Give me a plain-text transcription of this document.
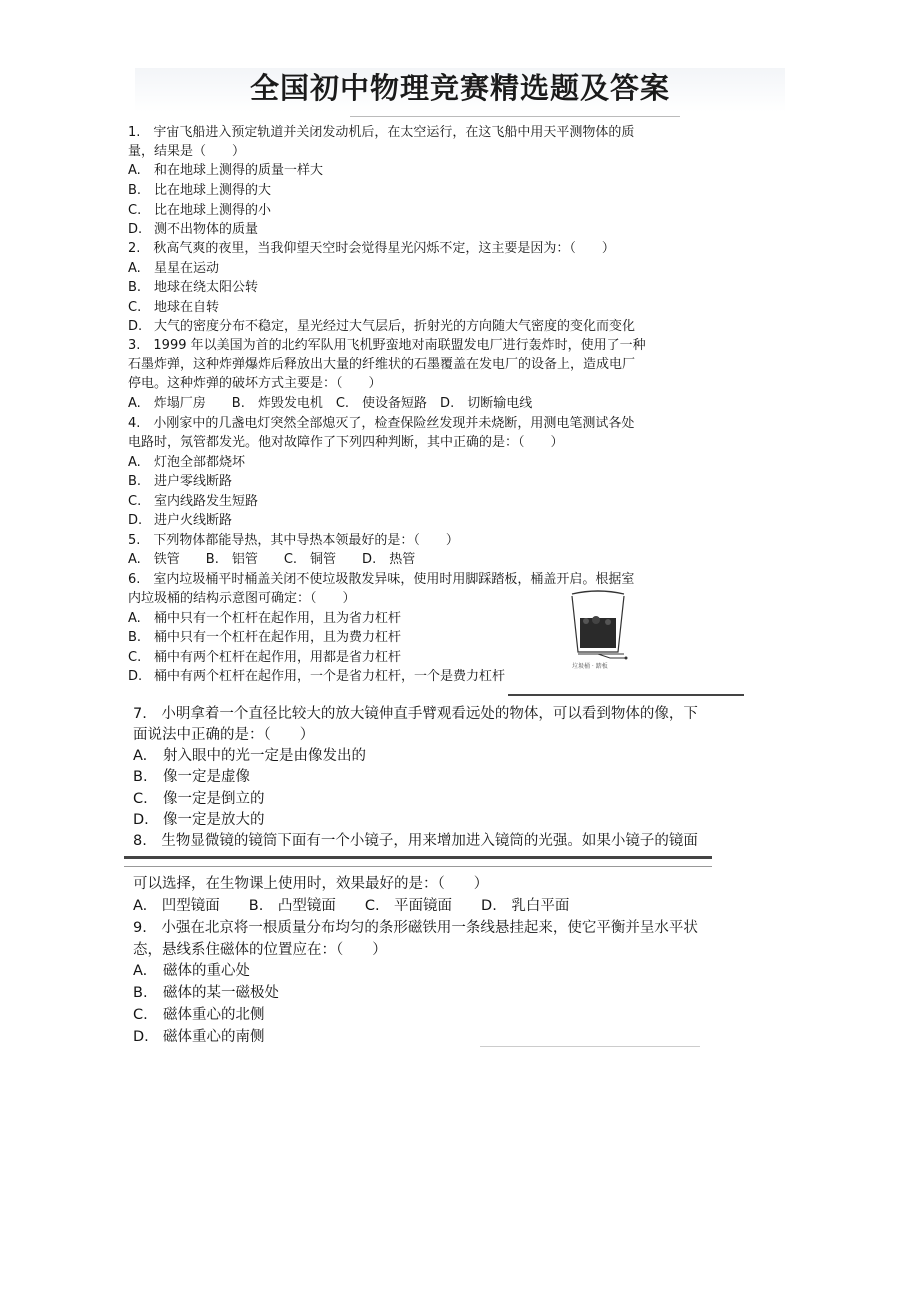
全国初中物理竞赛精选题及答案
1.　宇宙飞船进入预定轨道并关闭发动机后，在太空运行，在这飞船中用天平测物体的质
量，结果是（　　）
A. 和在地球上测得的质量一样大
B. 比在地球上测得的大
C. 比在地球上测得的小
D. 测不出物体的质量
2.　秋高气爽的夜里，当我仰望天空时会觉得星光闪烁不定，这主要是因为：（　　）
A. 星星在运动
B. 地球在绕太阳公转
C. 地球在自转
D. 大气的密度分布不稳定，星光经过大气层后，折射光的方向随大气密度的变化而变化
3.　1999 年以美国为首的北约军队用飞机野蛮地对南联盟发电厂进行轰炸时，使用了一种
石墨炸弹，这种炸弹爆炸后释放出大量的纤维状的石墨覆盖在发电厂的设备上，造成电厂
停电。这种炸弹的破坏方式主要是：（　　）
A.　炸塌厂房　　B.　炸毁发电机　C.　使设备短路　D.　切断输电线
4.　小刚家中的几盏电灯突然全部熄灭了，检查保险丝发现并未烧断，用测电笔测试各处
电路时，氖管都发光。他对故障作了下列四种判断，其中正确的是：（　　）
A. 灯泡全部都烧坏
B. 进户零线断路
C. 室内线路发生短路
D. 进户火线断路
5.　下列物体都能导热，其中导热本领最好的是：（　　）
A.　铁管　　B.　铝管　　C.　铜管　　D.　热管
6.　室内垃圾桶平时桶盖关闭不使垃圾散发异味，使用时用脚踩踏板，桶盖开启。根据室
内垃圾桶的结构示意图可确定：（　　）
A. 桶中只有一个杠杆在起作用，且为省力杠杆
B. 桶中只有一个杠杆在起作用，且为费力杠杆
C. 桶中有两个杠杆在起作用，用都是省力杠杆
D. 桶中有两个杠杆在起作用，一个是省力杠杆，一个是费力杠杆
垃圾桶 · 踏板
7.　小明拿着一个直径比较大的放大镜伸直手臂观看远处的物体，可以看到物体的像，下
面说法中正确的是：（　　）
A. 射入眼中的光一定是由像发出的
B. 像一定是虚像
C. 像一定是倒立的
D. 像一定是放大的
8.　生物显微镜的镜筒下面有一个小镜子，用来增加进入镜筒的光强。如果小镜子的镜面
可以选择，在生物课上使用时，效果最好的是：（　　）
A.　凹型镜面　　B.　凸型镜面　　C.　平面镜面　　D.　乳白平面
9.　小强在北京将一根质量分布均匀的条形磁铁用一条线悬挂起来，使它平衡并呈水平状
态，悬线系住磁体的位置应在：（　　）
A. 磁体的重心处
B. 磁体的某一磁极处
C. 磁体重心的北侧
D. 磁体重心的南侧
